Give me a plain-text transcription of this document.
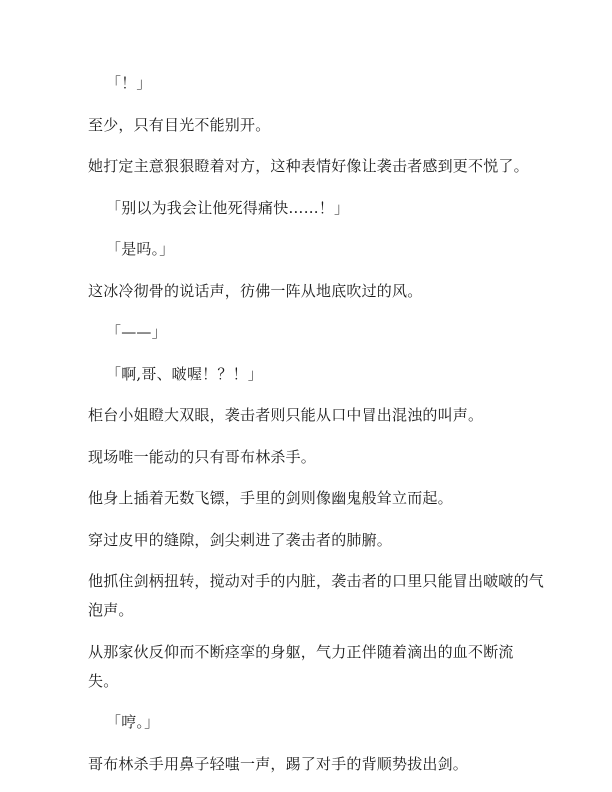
「！」

至少，只有目光不能别开。

她打定主意狠狠瞪着对方，这种表情好像让袭击者感到更不悦了。

「别以为我会让他死得痛快……！」

「是吗。」

这冰冷彻骨的说话声，彷佛一阵从地底吹过的风。

「——」

「啊,哥、啵喔！？！」

柜台小姐瞪大双眼，袭击者则只能从口中冒出混浊的叫声。

现场唯一能动的只有哥布林杀手。

他身上插着无数飞镖，手里的剑则像幽鬼般耸立而起。

穿过皮甲的缝隙，剑尖刺进了袭击者的肺腑。

他抓住剑柄扭转，搅动对手的内脏，袭击者的口里只能冒出啵啵的气泡声。

从那家伙反仰而不断痉挛的身躯，气力正伴随着滴出的血不断流失。

「哼。」

哥布林杀手用鼻子轻嗤一声，踢了对手的背顺势拔出剑。
